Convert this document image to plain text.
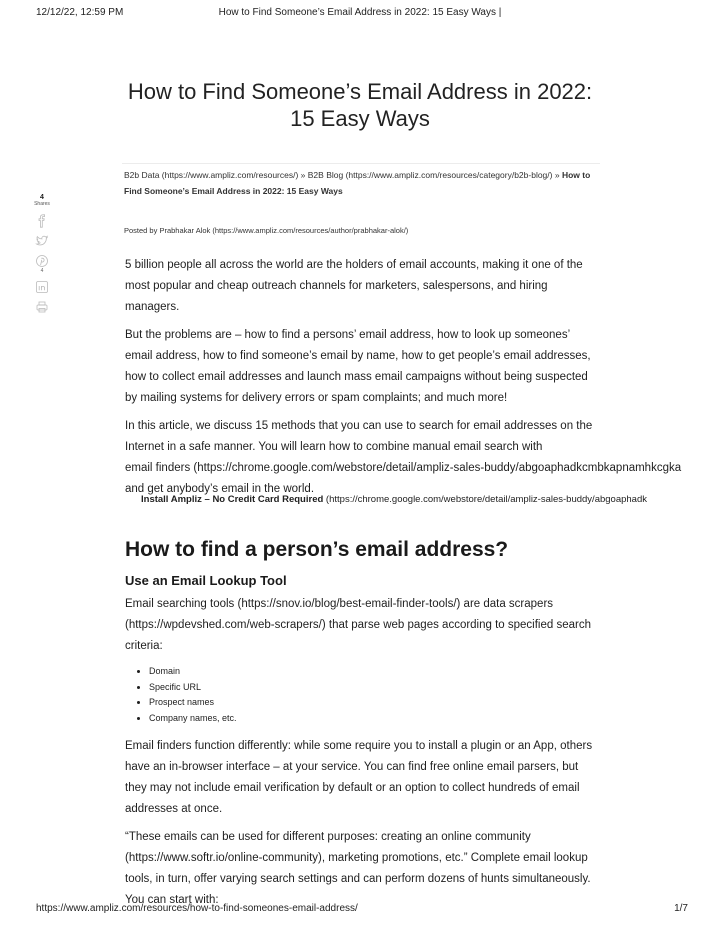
12/12/22, 12:59 PM	How to Find Someone’s Email Address in 2022: 15 Easy Ways |
How to Find Someone’s Email Address in 2022: 15 Easy Ways
B2b Data (https://www.ampliz.com/resources/) » B2B Blog (https://www.ampliz.com/resources/category/b2b-blog/) » How to Find Someone’s Email Address in 2022: 15 Easy Ways
Posted by Prabhakar Alok (https://www.ampliz.com/resources/author/prabhakar-alok/)
4
Shares
4	5 billion people all across the world are the holders of email accounts, making it one of the most popular and cheap outreach channels for marketers, salespersons, and hiring managers.

But the problems are – how to find a persons’ email address, how to look up someones’ email address, how to find someone’s email by name, how to get people’s email addresses, how to collect email addresses and launch mass email campaigns without being suspected by mailing systems for delivery errors or spam complaints; and much more!

In this article, we discuss 15 methods that you can use to search for email addresses on the
Internet in a safe manner. You will learn how to combine manual email search with
email finders (https://chrome.google.com/webstore/detail/ampliz-sales-buddy/abgoaphadkcmbkapnamhkcgka
and get anybody’s email in the world.

Install Ampliz – No Credit Card Required (https://chrome.google.com/webstore/detail/ampliz-sales-buddy/abgoaphadk
How to find a person’s email address?
Use an Email Lookup Tool

Email searching tools (https://snov.io/blog/best-email-finder-tools/) are data scrapers (https://wpdevshed.com/web-scrapers/) that parse web pages according to specified search criteria:

• Domain
• Specific URL
• Prospect names
• Company names, etc.

Email finders function differently: while some require you to install a plugin or an App, others have an in-browser interface – at your service. You can find free online email parsers, but they may not include email verification by default or an option to collect hundreds of email addresses at once.

“These emails can be used for different purposes: creating an online community (https://www.softr.io/online-community), marketing promotions, etc.” Complete email lookup tools, in turn, offer varying search settings and can perform dozens of hunts simultaneously. You can start with:

https://www.ampliz.com/resources/how-to-find-someones-email-address/	1/7
